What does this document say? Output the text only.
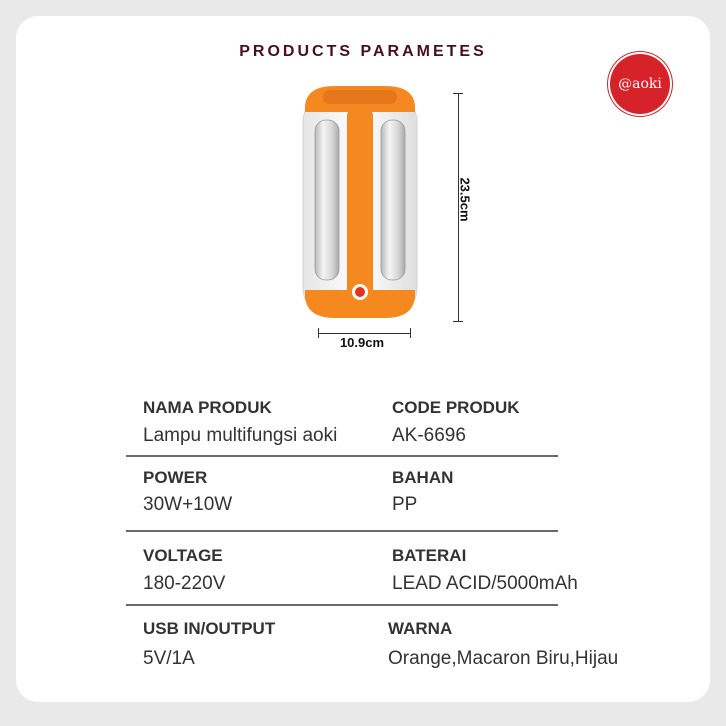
PRODUCTS PARAMETES
@aoki
10.9cm
23.5cm
NAMA PRODUK	CODE PRODUK
Lampu multifungsi aoki	AK-6696
POWER	BAHAN
30W+10W	PP
VOLTAGE	BATERAI
180-220V	LEAD ACID/5000mAh
USB IN/OUTPUT	WARNA
5V/1A	Orange,Macaron Biru,Hijau
